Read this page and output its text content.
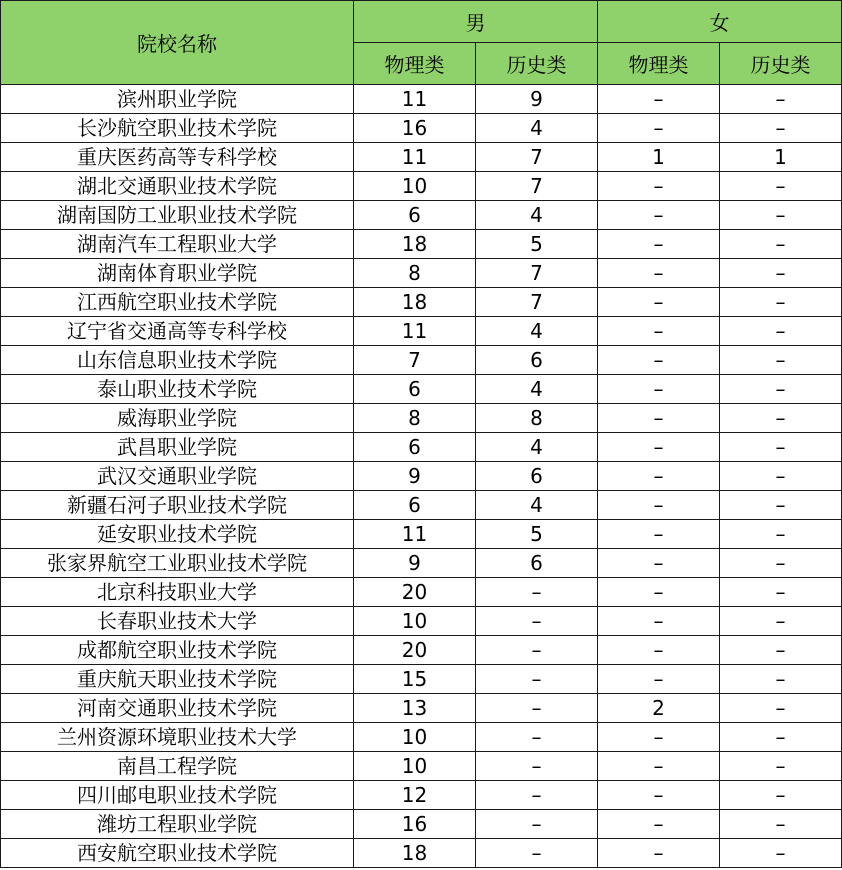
院校名称	男		女	
	物理类	历史类	物理类	历史类
滨州职业学院	11	9	–	–
长沙航空职业技术学院	16	4	–	–
重庆医药高等专科学校	11	7	1	1
湖北交通职业技术学院	10	7	–	–
湖南国防工业职业技术学院	6	4	–	–
湖南汽车工程职业大学	18	5	–	–
湖南体育职业学院	8	7	–	–
江西航空职业技术学院	18	7	–	–
辽宁省交通高等专科学校	11	4	–	–
山东信息职业技术学院	7	6	–	–
泰山职业技术学院	6	4	–	–
威海职业学院	8	8	–	–
武昌职业学院	6	4	–	–
武汉交通职业学院	9	6	–	–
新疆石河子职业技术学院	6	4	–	–
延安职业技术学院	11	5	–	–
张家界航空工业职业技术学院	9	6	–	–
北京科技职业大学	20	–	–	–
长春职业技术大学	10	–	–	–
成都航空职业技术学院	20	–	–	–
重庆航天职业技术学院	15	–	–	–
河南交通职业技术学院	13	–	2	–
兰州资源环境职业技术大学	10	–	–	–
南昌工程学院	10	–	–	–
四川邮电职业技术学院	12	–	–	–
潍坊工程职业学院	16	–	–	–
西安航空职业技术学院	18	–	–	–
